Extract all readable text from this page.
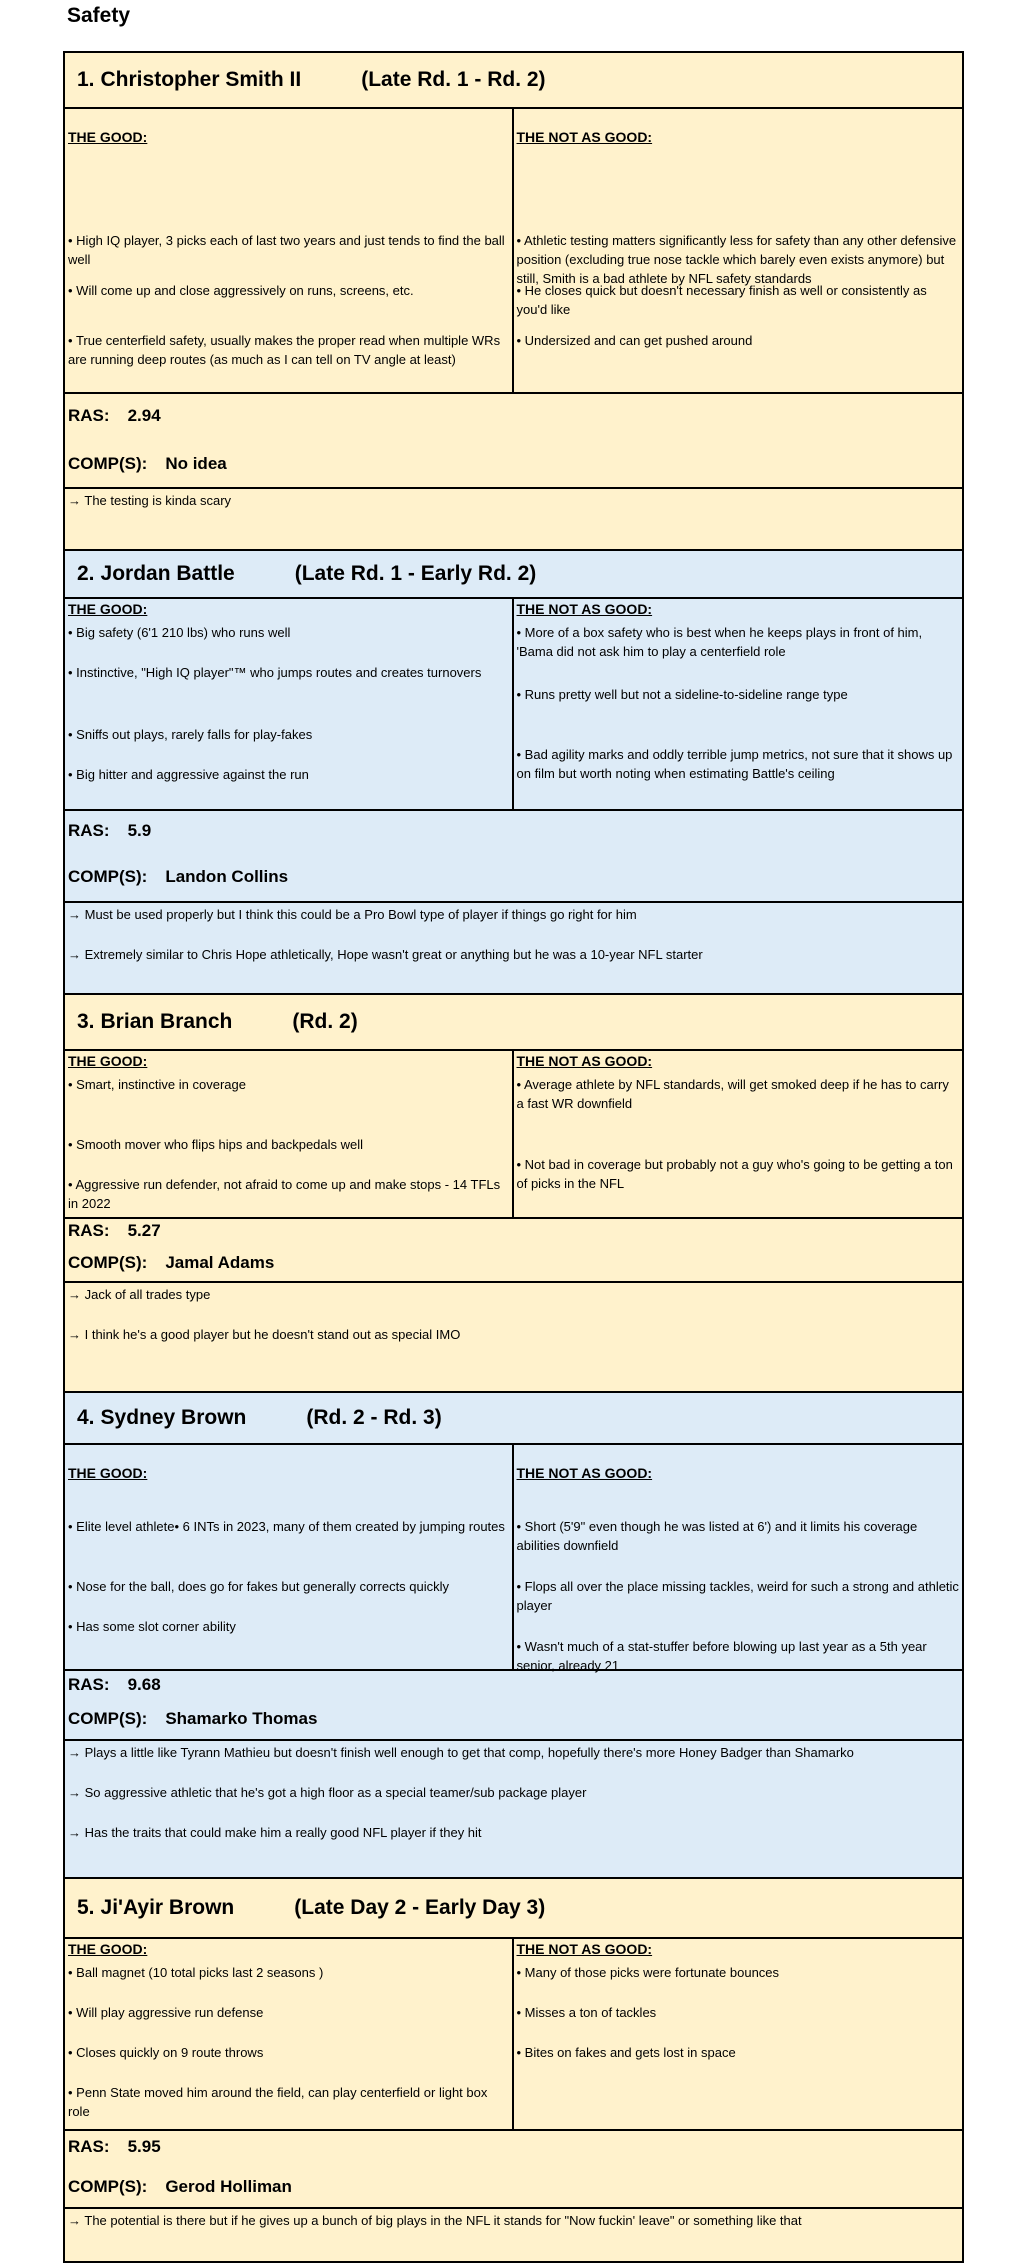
Safety
1. Christopher Smith II	(Late Rd. 1 - Rd. 2)
THE GOOD:
• High IQ player, 3 picks each of last two years and just tends to find the ball well
• Will come up and close aggressively on runs, screens, etc.
• True centerfield safety, usually makes the proper read when multiple WRs are running deep routes (as much as I can tell on TV angle at least)
THE NOT AS GOOD:
• Athletic testing matters significantly less for safety than any other defensive position (excluding true nose tackle which barely even exists anymore) but still, Smith is a bad athlete by NFL safety standards
• He closes quick but doesn't necessary finish as well or consistently as you'd like
• Undersized and can get pushed around
RAS: 2.94
COMP(S): No idea
→ The testing is kinda scary
2. Jordan Battle	(Late Rd. 1 - Early Rd. 2)
THE GOOD:
• Big safety (6'1 210 lbs) who runs well
• Instinctive, "High IQ player"™ who jumps routes and creates turnovers
• Sniffs out plays, rarely falls for play-fakes
• Big hitter and aggressive against the run
THE NOT AS GOOD:
• More of a box safety who is best when he keeps plays in front of him, 'Bama did not ask him to play a centerfield role
• Runs pretty well but not a sideline-to-sideline range type
• Bad agility marks and oddly terrible jump metrics, not sure that it shows up on film but worth noting when estimating Battle's ceiling
RAS: 5.9
COMP(S): Landon Collins
→ Must be used properly but I think this could be a Pro Bowl type of player if things go right for him
→ Extremely similar to Chris Hope athletically, Hope wasn't great or anything but he was a 10-year NFL starter
3. Brian Branch	(Rd. 2)
THE GOOD:
• Smart, instinctive in coverage
• Smooth mover who flips hips and backpedals well
• Aggressive run defender, not afraid to come up and make stops - 14 TFLs in 2022
THE NOT AS GOOD:
• Average athlete by NFL standards, will get smoked deep if he has to carry a fast WR downfield
• Not bad in coverage but probably not a guy who's going to be getting a ton of picks in the NFL
RAS: 5.27
COMP(S): Jamal Adams
→ Jack of all trades type
→ I think he's a good player but he doesn't stand out as special IMO
4. Sydney Brown	(Rd. 2 - Rd. 3)
THE GOOD:
• Elite level athlete• 6 INTs in 2023, many of them created by jumping routes
• Nose for the ball, does go for fakes but generally corrects quickly
• Has some slot corner ability
THE NOT AS GOOD:
• Short (5'9" even though he was listed at 6') and it limits his coverage abilities downfield
• Flops all over the place missing tackles, weird for such a strong and athletic player
• Wasn't much of a stat-stuffer before blowing up last year as a 5th year senior, already 21
RAS: 9.68
COMP(S): Shamarko Thomas
→ Plays a little like Tyrann Mathieu but doesn't finish well enough to get that comp, hopefully there's more Honey Badger than Shamarko
→ So aggressive athletic that he's got a high floor as a special teamer/sub package player
→ Has the traits that could make him a really good NFL player if they hit
5. Ji'Ayir Brown	(Late Day 2 - Early Day 3)
THE GOOD:
• Ball magnet (10 total picks last 2 seasons )
• Will play aggressive run defense
• Closes quickly on 9 route throws
• Penn State moved him around the field, can play centerfield or light box role
THE NOT AS GOOD:
• Many of those picks were fortunate bounces
• Misses a ton of tackles
• Bites on fakes and gets lost in space
RAS: 5.95
COMP(S): Gerod Holliman
→ The potential is there but if he gives up a bunch of big plays in the NFL it stands for "Now fuckin' leave" or something like that
